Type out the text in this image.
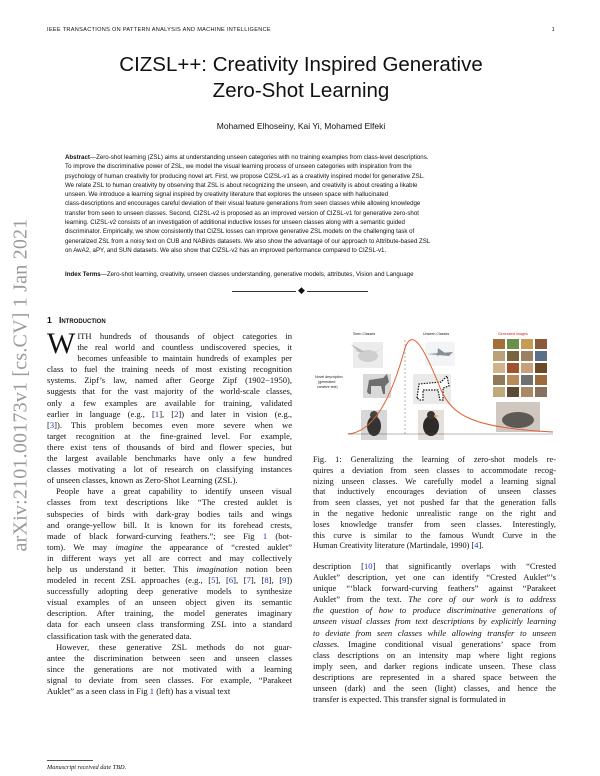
IEEE TRANSACTIONS ON PATTERN ANALYSIS AND MACHINE INTELLIGENCE	1
arXiv:2101.00173v1 [cs.CV] 1 Jan 2021
CIZSL++: Creativity Inspired Generative
Zero-Shot Learning
Mohamed Elhoseiny, Kai Yi, Mohamed Elfeki
Abstract—Zero-shot learning (ZSL) aims at understanding unseen categories with no training examples from class-level descriptions.
To improve the discriminative power of ZSL, we model the visual learning process of unseen categories with inspiration from the
psychology of human creativity for producing novel art. First, we propose CIZSL-v1 as a creativity inspired model for generative ZSL.
We relate ZSL to human creativity by observing that ZSL is about recognizing the unseen, and creativity is about creating a likable
unseen. We introduce a learning signal inspired by creativity literature that explores the unseen space with hallucinated
class-descriptions and encourages careful deviation of their visual feature generations from seen classes while allowing knowledge
transfer from seen to unseen classes. Second, CIZSL-v2 is proposed as an improved version of CIZSL-v1 for generative zero-shot
learning. CIZSL-v2 consists of an investigation of additional inductive losses for unseen classes along with a semantic guided
discriminator. Empirically, we show consistently that CIZSL losses can improve generative ZSL models on the challenging task of
generalized ZSL from a noisy text on CUB and NABirds datasets. We also show the advantage of our approach to Attribute-based ZSL
on AwA2, aPY, and SUN datasets. We also show that CIZSL-v2 has an improved performance compared to CIZSL-v1.
Index Terms—Zero-shot learning, creativity, unseen classes understanding, generative models, attributes, Vision and Language
◆
1 Introduction
W ITH hundreds of thousands of object categories in
the real world and countless undiscovered species, it
becomes unfeasible to maintain hundreds of examples per
class to fuel the training needs of most existing recognition
systems. Zipf’s law, named after George Zipf (1902−1950),
suggests that for the vast majority of the world-scale classes,
only a few examples are available for training, validated
earlier in language (e.g., [1], [2]) and later in vision (e.g.,
[3]). This problem becomes even more severe when we
target recognition at the fine-grained level. For example,
there exist tens of thousands of bird and flower species, but
the largest available benchmarks have only a few hundred
classes motivating a lot of research on classifying instances
of unseen classes, known as Zero-Shot Learning (ZSL).
People have a great capability to identify unseen visual
classes from text descriptions like “The crested auklet is
subspecies of birds with dark-gray bodies tails and wings
and orange-yellow bill. It is known for its forehead crests,
made of black forward-curving feathers.”; see Fig 1 (bot-
tom). We may imagine the appearance of “crested auklet”
in different ways yet all are correct and may collectively
help us understand it better. This imagination notion been
modeled in recent ZSL approaches (e.g., [5], [6], [7], [8], [9])
successfully adopting deep generative models to synthesize
visual examples of an unseen object given its semantic
description. After training, the model generates imaginary
data for each unseen class transforming ZSL into a standard
classification task with the generated data.
However, these generative ZSL methods do not guar-
antee the discrimination between seen and unseen classes
since the generations are not motivated with a learning
signal to deviate from seen classes. For example, “Parakeet
Auklet” as a seen class in Fig 1 (left) has a visual text
Manuscript received date TBD.
Seen Classes	Unseen Classes	Generated Images
Novel description
(generated
creative text)
Fig. 1: Generalizing the learning of zero-shot models re-
quires a deviation from seen classes to accommodate recog-
nizing unseen classes. We carefully model a learning signal
that inductively encourages deviation of unseen classes
from seen classes, yet not pushed far that the generation falls
in the negative hedonic unrealistic range on the right and
loses knowledge transfer from seen classes. Interestingly,
this curve is similar to the famous Wundt Curve in the
Human Creativity literature (Martindale, 1990) [4].
description [10] that significantly overlaps with “Crested
Auklet” description, yet one can identify “Crested Auklet”’s
unique “‘black forward-curving feathers” against “Parakeet
Auklet” from the text. The core of our work is to address
the question of how to produce discriminative generations of
unseen visual classes from text descriptions by explicitly learning
to deviate from seen classes while allowing transfer to unseen
classes. Imagine conditional visual generations’ space from
class descriptions on an intensity map where light regions
imply seen, and darker regions indicate unseen. These class
descriptions are represented in a shared space between the
unseen (dark) and the seen (light) classes, and hence the
transfer is expected. This transfer signal is formulated in
